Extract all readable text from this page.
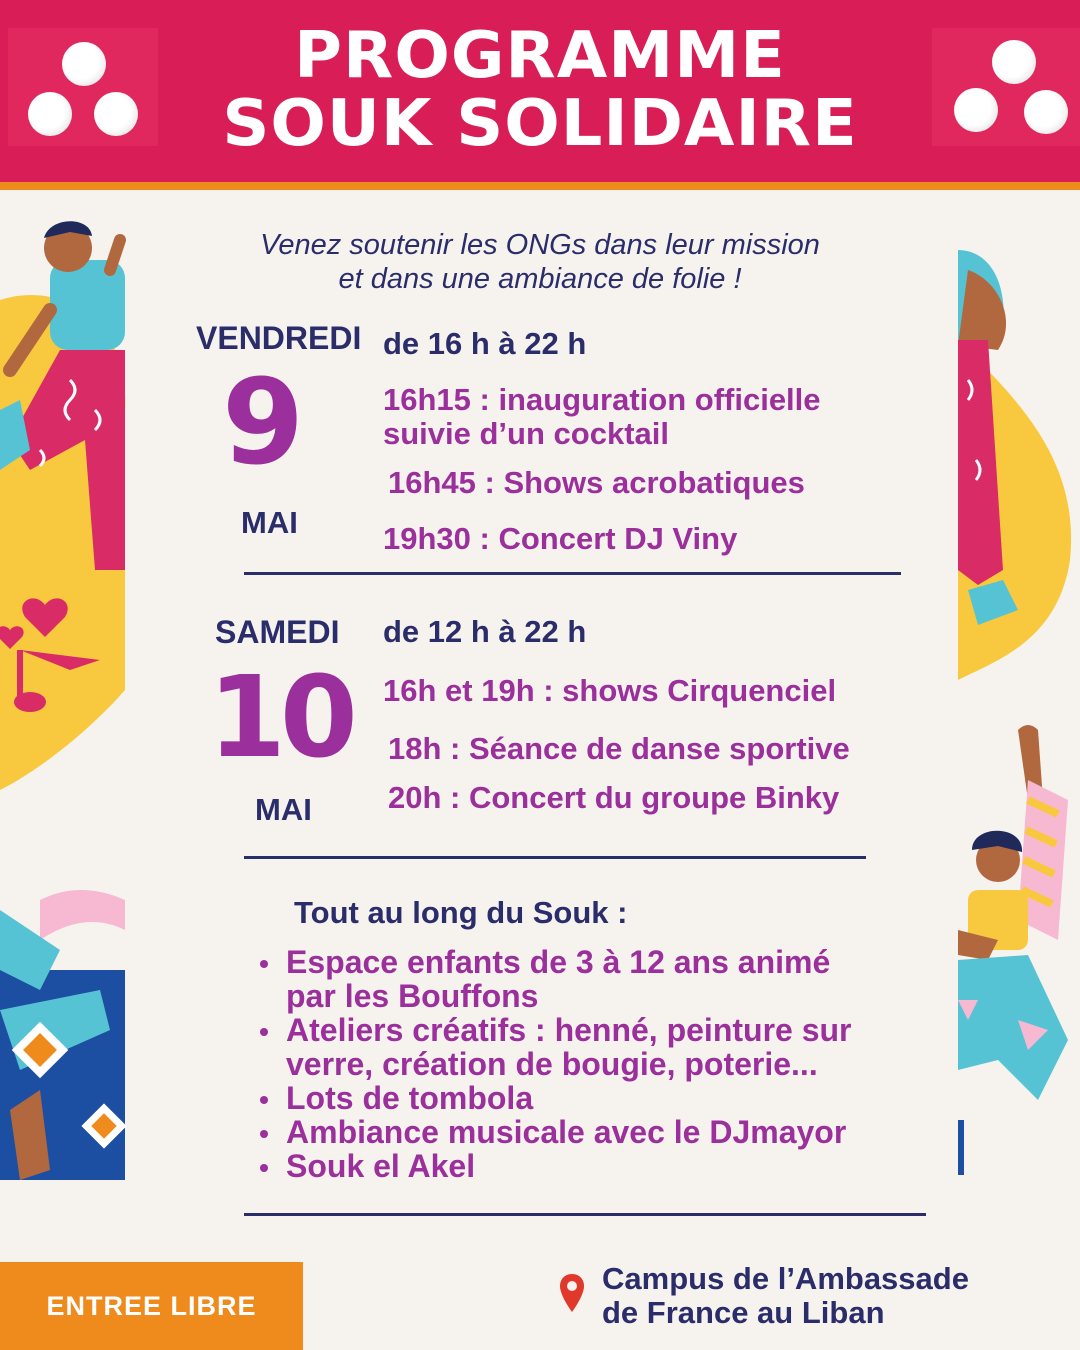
PROGRAMME
SOUK SOLIDAIRE
Venez soutenir les ONGs dans leur mission
et dans une ambiance de folie !
VENDREDI
9
MAI
de 16 h à 22 h
16h15 : inauguration officielle
suivie d’un cocktail
16h45 : Shows acrobatiques
19h30 : Concert DJ Viny
SAMEDI
10
MAI
de 12 h à 22 h
16h et 19h : shows Cirquenciel
18h : Séance de danse sportive
20h : Concert du groupe Binky
Tout au long du Souk :
Espace enfants de 3 à 12 ans animé
par les Bouffons
Ateliers créatifs : henné, peinture sur
verre, création de bougie, poterie...
Lots de tombola
Ambiance musicale avec le DJmayor
Souk el Akel
ENTREE LIBRE
Campus de l’Ambassade
de France au Liban
